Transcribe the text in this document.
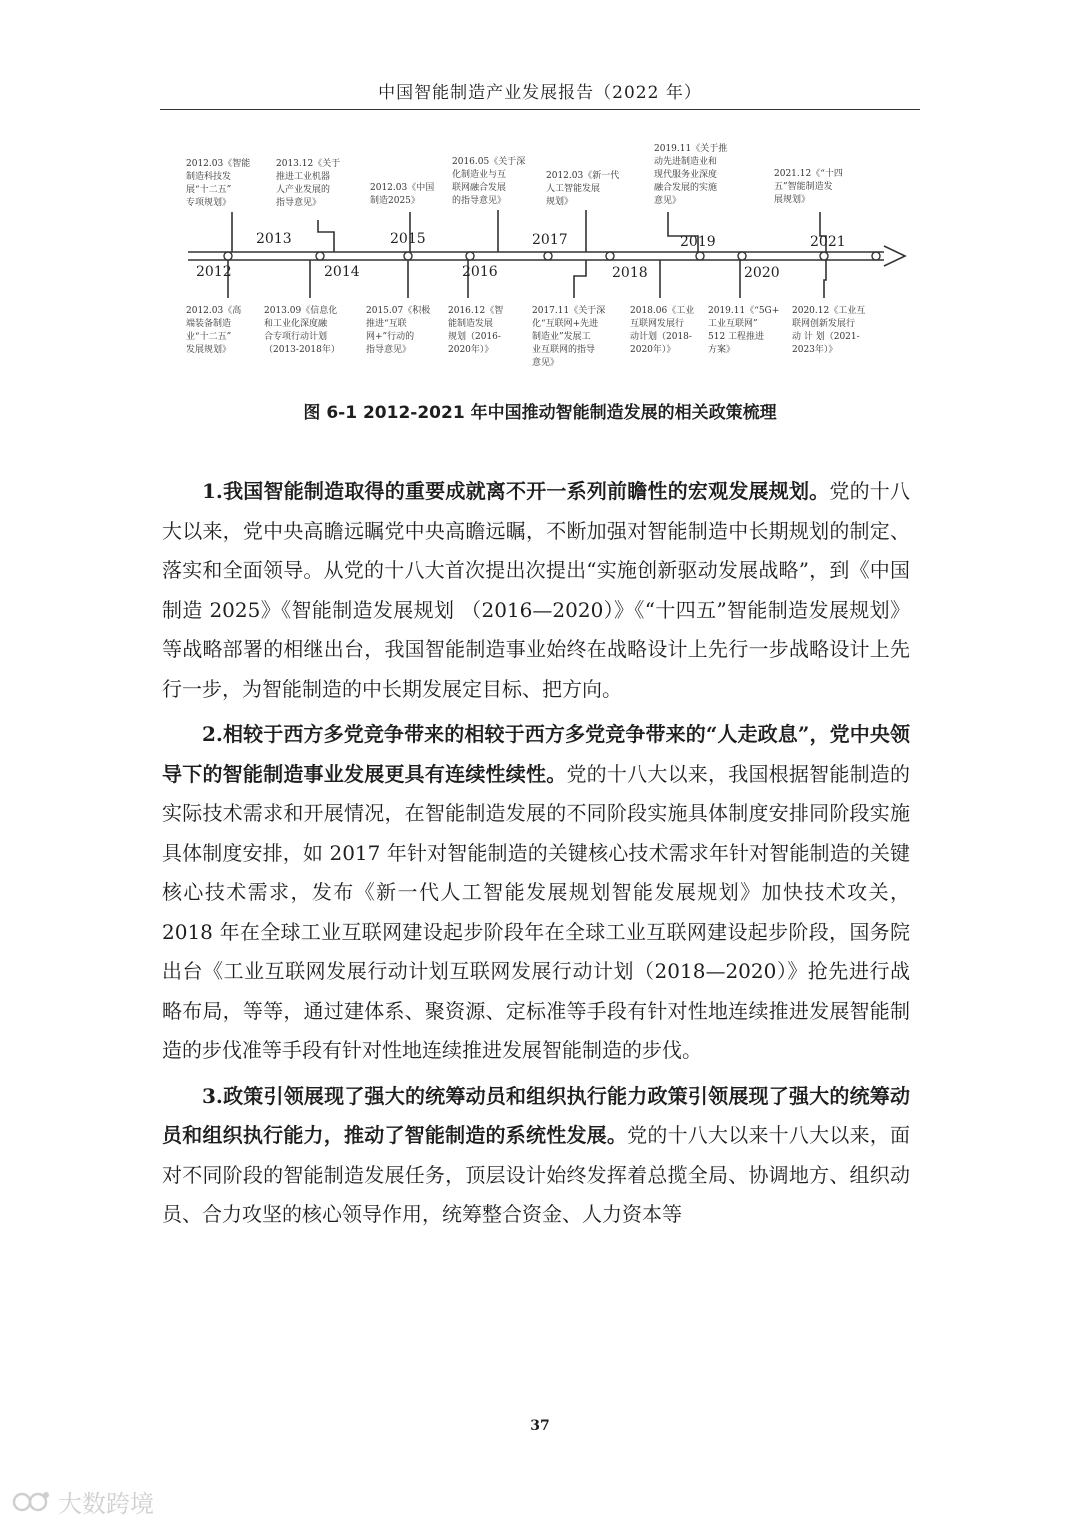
中国智能制造产业发展报告（2022 年）
2012
2013
2014
2015
2016
2017
2018
2019
2020
2021
2012.03《智能
制造科技发
展“十二五”
专项规划》
2013.12《关于
推进工业机器
人产业发展的
指导意见》
2012.03《中国
制造2025》
2016.05《关于深
化制造业与互
联网融合发展
的指导意见》
2012.03《新一代
人工智能发展
规划》
2019.11《关于推
动先进制造业和
现代服务业深度
融合发展的实施
意见》
2021.12《“十四
五”智能制造发
展规划》
2012.03《高
端装备制造
业“十二五”
发展规划》
2013.09《信息化
和工业化深度融
合专项行动计划
（2013-2018年）
2015.07《积极
推进“互联
网+”行动的
指导意见》
2016.12《智
能制造发展
规划（2016-
2020年）》
2017.11《关于深
化“互联网+先进
制造业”发展工
业互联网的指导
意见》
2018.06《工业
互联网发展行
动计划（2018-
2020年）》
2019.11《“5G+
工业互联网”
512 工程推进
方案》
2020.12《工业互
联网创新发展行
动 计 划（2021-
2023年）》
图 6-1 2012-2021 年中国推动智能制造发展的相关政策梳理

1.我国智能制造取得的重要成就离不开一系列前瞻性的宏观发展规划。党的十八大以来，党中央高瞻远瞩党中央高瞻远瞩，不断加强对智能制造中长期规划的制定、落实和全面领导。从党的十八大首次提出次提出“实施创新驱动发展战略”，到《中国制造 2025》《智能制造发展规划 （2016—2020）》《“十四五”智能制造发展规划》等战略部署的相继出台，我国智能制造事业始终在战略设计上先行一步战略设计上先行一步，为智能制造的中长期发展定目标、把方向。

2.相较于西方多党竞争带来的相较于西方多党竞争带来的“人走政息”，党中央领导下的智能制造事业发展更具有连续性续性。党的十八大以来，我国根据智能制造的实际技术需求和开展情况，在智能制造发展的不同阶段实施具体制度安排同阶段实施具体制度安排，如 2017 年针对智能制造的关键核心技术需求年针对智能制造的关键核心技术需求，发布《新一代人工智能发展规划智能发展规划》加快技术攻关，2018 年在全球工业互联网建设起步阶段年在全球工业互联网建设起步阶段，国务院出台《工业互联网发展行动计划互联网发展行动计划（2018—2020）》抢先进行战略布局，等等，通过建体系、聚资源、定标准等手段有针对性地连续推进发展智能制造的步伐准等手段有针对性地连续推进发展智能制造的步伐。

3.政策引领展现了强大的统筹动员和组织执行能力政策引领展现了强大的统筹动员和组织执行能力，推动了智能制造的系统性发展。党的十八大以来十八大以来，面对不同阶段的智能制造发展任务，顶层设计始终发挥着总揽全局、协调地方、组织动员、合力攻坚的核心领导作用，统筹整合资金、人力资本等

37
大数跨境
